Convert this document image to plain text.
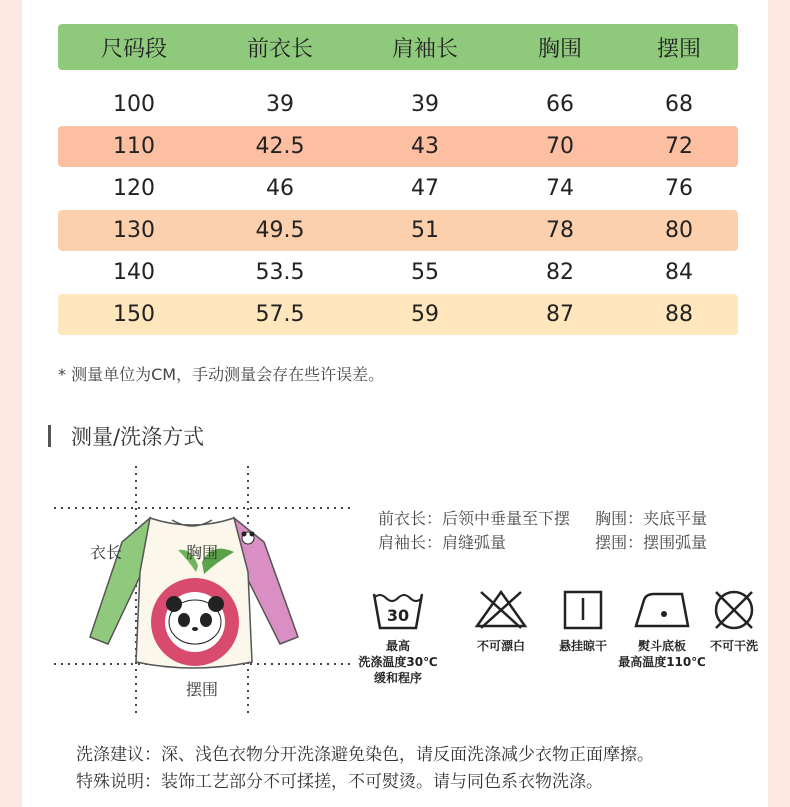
尺码段	前衣长	肩袖长	胸围	摆围
100	39	39	66	68
110	42.5	43	70	72
120	46	47	74	76
130	49.5	51	78	80
140	53.5	55	82	84
150	57.5	59	87	88
* 测量单位为CM，手动测量会存在些许误差。
测量/洗涤方式
衣长	胸围
摆围
前衣长：后领中垂量至下摆 胸围：夹底平量
肩袖长：肩缝弧量	摆围：摆围弧量
30
最高
洗涤温度30℃
缓和程序
不可漂白	悬挂晾干	熨斗底板
最高温度110℃
不可干洗
洗涤建议：深、浅色衣物分开洗涤避免染色，请反面洗涤减少衣物正面摩擦。
特殊说明：装饰工艺部分不可揉搓，不可熨烫。请与同色系衣物洗涤。
